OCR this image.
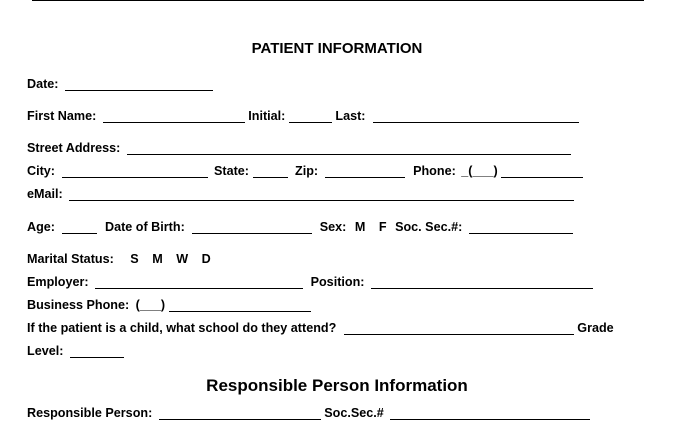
PATIENT INFORMATION
Date:
First Name:	Initial:	Last:
Street Address:
City:	State:	Zip:	Phone: _(___)
eMail:
Age:	Date of Birth:	Sex: M F Soc. Sec.#:
Marital Status: S M W D
Employer:	Position:
Business Phone: (___)
If the patient is a child, what school do they attend?	Grade
Level:
Responsible Person Information
Responsible Person:	Soc.Sec.#
